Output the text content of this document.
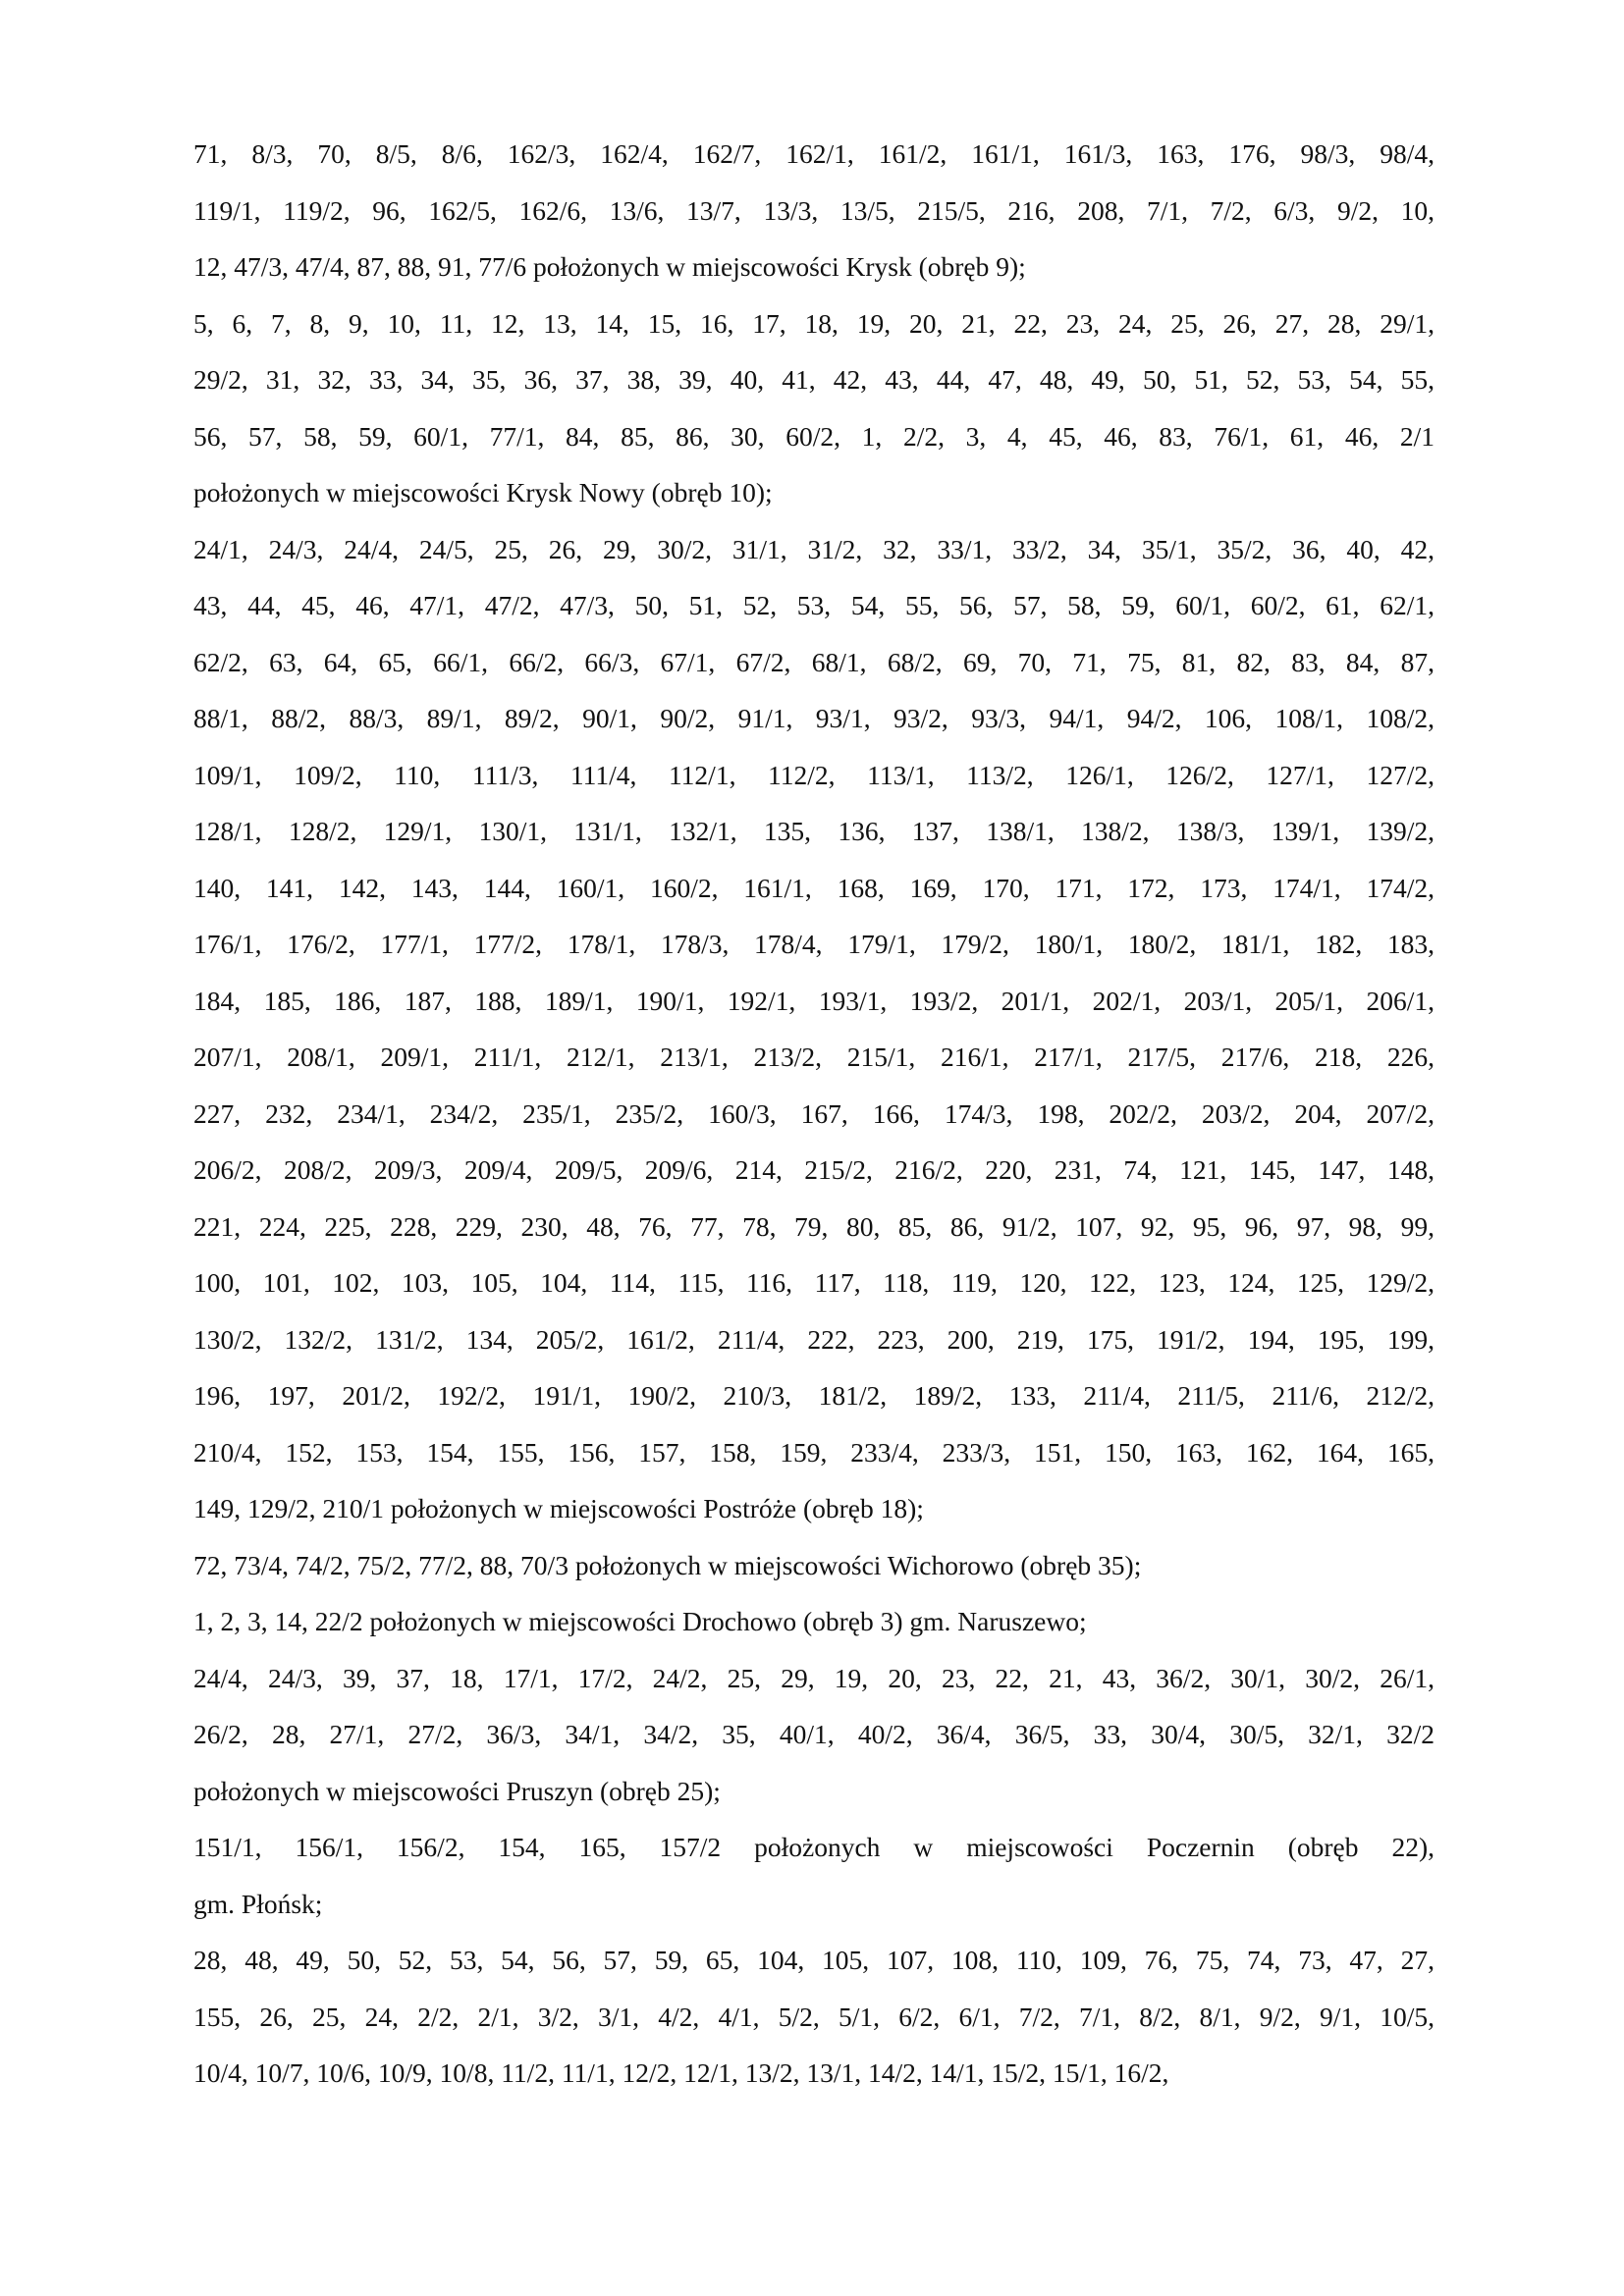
71, 8/3, 70, 8/5, 8/6, 162/3, 162/4, 162/7, 162/1, 161/2, 161/1, 161/3, 163, 176, 98/3, 98/4,
119/1, 119/2, 96, 162/5, 162/6, 13/6, 13/7, 13/3, 13/5, 215/5, 216, 208, 7/1, 7/2, 6/3, 9/2, 10,
12, 47/3, 47/4, 87, 88, 91, 77/6 położonych w miejscowości Krysk (obręb 9);
5, 6, 7, 8, 9, 10, 11, 12, 13, 14, 15, 16, 17, 18, 19, 20, 21, 22, 23, 24, 25, 26, 27, 28, 29/1,
29/2, 31, 32, 33, 34, 35, 36, 37, 38, 39, 40, 41, 42, 43, 44, 47, 48, 49, 50, 51, 52, 53, 54, 55,
56, 57, 58, 59, 60/1, 77/1, 84, 85, 86, 30, 60/2, 1, 2/2, 3, 4, 45, 46, 83, 76/1, 61, 46, 2/1
położonych w miejscowości Krysk Nowy (obręb 10);
24/1, 24/3, 24/4, 24/5, 25, 26, 29, 30/2, 31/1, 31/2, 32, 33/1, 33/2, 34, 35/1, 35/2, 36, 40, 42,
43, 44, 45, 46, 47/1, 47/2, 47/3, 50, 51, 52, 53, 54, 55, 56, 57, 58, 59, 60/1, 60/2, 61, 62/1,
62/2, 63, 64, 65, 66/1, 66/2, 66/3, 67/1, 67/2, 68/1, 68/2, 69, 70, 71, 75, 81, 82, 83, 84, 87,
88/1, 88/2, 88/3, 89/1, 89/2, 90/1, 90/2, 91/1, 93/1, 93/2, 93/3, 94/1, 94/2, 106, 108/1, 108/2,
109/1, 109/2, 110, 111/3, 111/4, 112/1, 112/2, 113/1, 113/2, 126/1, 126/2, 127/1, 127/2,
128/1, 128/2, 129/1, 130/1, 131/1, 132/1, 135, 136, 137, 138/1, 138/2, 138/3, 139/1, 139/2,
140, 141, 142, 143, 144, 160/1, 160/2, 161/1, 168, 169, 170, 171, 172, 173, 174/1, 174/2,
176/1, 176/2, 177/1, 177/2, 178/1, 178/3, 178/4, 179/1, 179/2, 180/1, 180/2, 181/1, 182, 183,
184, 185, 186, 187, 188, 189/1, 190/1, 192/1, 193/1, 193/2, 201/1, 202/1, 203/1, 205/1, 206/1,
207/1, 208/1, 209/1, 211/1, 212/1, 213/1, 213/2, 215/1, 216/1, 217/1, 217/5, 217/6, 218, 226,
227, 232, 234/1, 234/2, 235/1, 235/2, 160/3, 167, 166, 174/3, 198, 202/2, 203/2, 204, 207/2,
206/2, 208/2, 209/3, 209/4, 209/5, 209/6, 214, 215/2, 216/2, 220, 231, 74, 121, 145, 147, 148,
221, 224, 225, 228, 229, 230, 48, 76, 77, 78, 79, 80, 85, 86, 91/2, 107, 92, 95, 96, 97, 98, 99,
100, 101, 102, 103, 105, 104, 114, 115, 116, 117, 118, 119, 120, 122, 123, 124, 125, 129/2,
130/2, 132/2, 131/2, 134, 205/2, 161/2, 211/4, 222, 223, 200, 219, 175, 191/2, 194, 195, 199,
196, 197, 201/2, 192/2, 191/1, 190/2, 210/3, 181/2, 189/2, 133, 211/4, 211/5, 211/6, 212/2,
210/4, 152, 153, 154, 155, 156, 157, 158, 159, 233/4, 233/3, 151, 150, 163, 162, 164, 165,
149, 129/2, 210/1 położonych w miejscowości Postróże (obręb 18);
72, 73/4, 74/2, 75/2, 77/2, 88, 70/3 położonych w miejscowości Wichorowo (obręb 35);
1, 2, 3, 14, 22/2 położonych w miejscowości Drochowo (obręb 3) gm. Naruszewo;
24/4, 24/3, 39, 37, 18, 17/1, 17/2, 24/2, 25, 29, 19, 20, 23, 22, 21, 43, 36/2, 30/1, 30/2, 26/1,
26/2, 28, 27/1, 27/2, 36/3, 34/1, 34/2, 35, 40/1, 40/2, 36/4, 36/5, 33, 30/4, 30/5, 32/1, 32/2
położonych w miejscowości Pruszyn (obręb 25);
151/1, 156/1, 156/2, 154, 165, 157/2 położonych w miejscowości Poczernin (obręb 22),
gm. Płońsk;
28, 48, 49, 50, 52, 53, 54, 56, 57, 59, 65, 104, 105, 107, 108, 110, 109, 76, 75, 74, 73, 47, 27,
155, 26, 25, 24, 2/2, 2/1, 3/2, 3/1, 4/2, 4/1, 5/2, 5/1, 6/2, 6/1, 7/2, 7/1, 8/2, 8/1, 9/2, 9/1, 10/5,
10/4, 10/7, 10/6, 10/9, 10/8, 11/2, 11/1, 12/2, 12/1, 13/2, 13/1, 14/2, 14/1, 15/2, 15/1, 16/2,
